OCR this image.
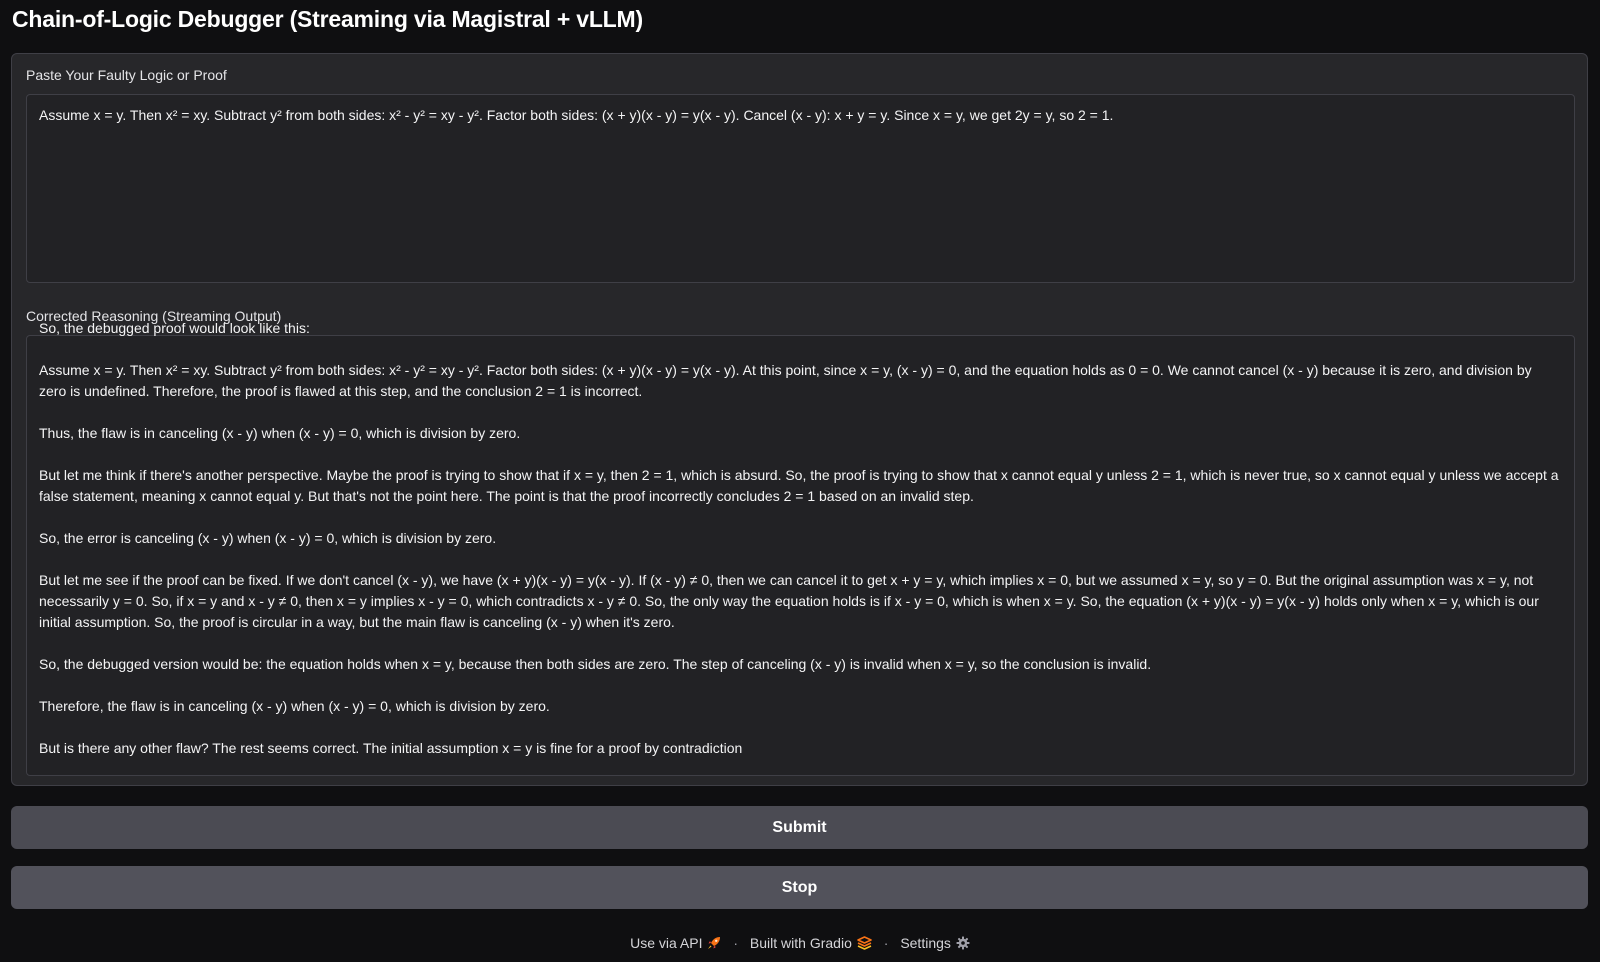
Chain-of-Logic Debugger (Streaming via Magistral + vLLM)
Paste Your Faulty Logic or Proof
Assume x = y. Then x² = xy. Subtract y² from both sides: x² - y² = xy - y². Factor both sides: (x + y)(x - y) = y(x - y). Cancel (x - y): x + y = y. Since x = y, we get 2y = y, so 2 = 1.
Corrected Reasoning (Streaming Output)

So, the debugged proof would look like this:

Assume x = y. Then x² = xy. Subtract y² from both sides: x² - y² = xy - y². Factor both sides: (x + y)(x - y) = y(x - y). At this point, since x = y, (x - y) = 0, and the equation holds as 0 = 0. We cannot cancel (x - y) because it is zero, and division by zero is undefined. Therefore, the proof is flawed at this step, and the conclusion 2 = 1 is incorrect.

Thus, the flaw is in canceling (x - y) when (x - y) = 0, which is division by zero.

But let me think if there's another perspective. Maybe the proof is trying to show that if x = y, then 2 = 1, which is absurd. So, the proof is trying to show that x cannot equal y unless 2 = 1, which is never true, so x cannot equal y unless we accept a false statement, meaning x cannot equal y. But that's not the point here. The point is that the proof incorrectly concludes 2 = 1 based on an invalid step.

So, the error is canceling (x - y) when (x - y) = 0, which is division by zero.

But let me see if the proof can be fixed. If we don't cancel (x - y), we have (x + y)(x - y) = y(x - y). If (x - y) ≠ 0, then we can cancel it to get x + y = y, which implies x = 0, but we assumed x = y, so y = 0. But the original assumption was x = y, not necessarily y = 0. So, if x = y and x - y ≠ 0, then x = y implies x - y = 0, which contradicts x - y ≠ 0. So, the only way the equation holds is if x - y = 0, which is when x = y. So, the equation (x + y)(x - y) = y(x - y) holds only when x = y, which is our initial assumption. So, the proof is circular in a way, but the main flaw is canceling (x - y) when it's zero.

So, the debugged version would be: the equation holds when x = y, because then both sides are zero. The step of canceling (x - y) is invalid when x = y, so the conclusion is invalid.

Therefore, the flaw is in canceling (x - y) when (x - y) = 0, which is division by zero.

But is there any other flaw? The rest seems correct. The initial assumption x = y is fine for a proof by contradiction

Submit
Stop
Use via API · Built with Gradio · Settings
